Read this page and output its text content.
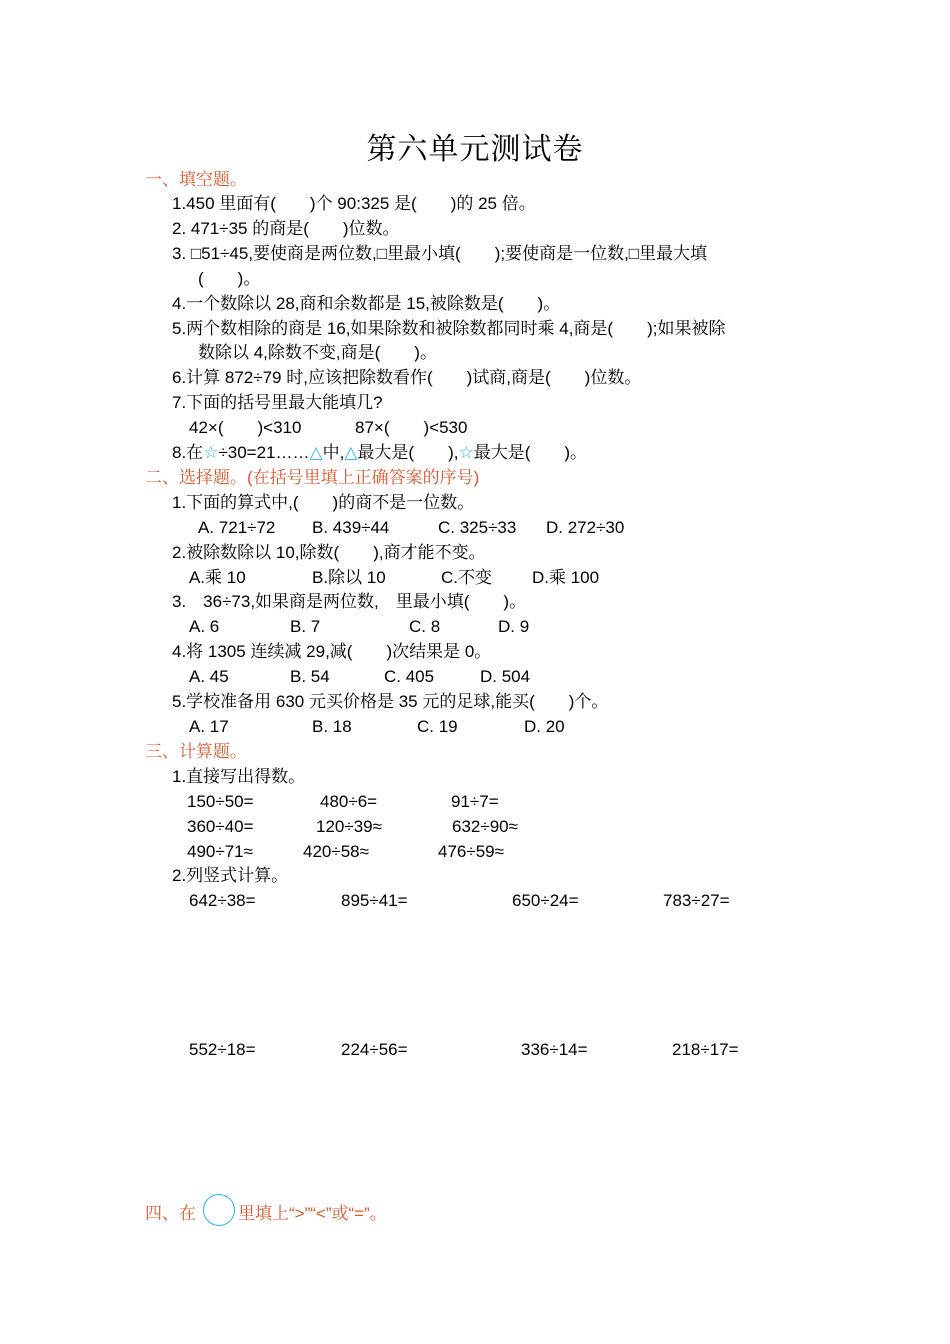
第六单元测试卷
一、填空题。
1.450 里面有(　　)个 90:325 是(　　)的 25 倍。
2. 471÷35 的商是(　　)位数。
3. □51÷45,要使商是两位数,□里最小填(　　);要使商是一位数,□里最大填
(　　)。
4.一个数除以 28,商和余数都是 15,被除数是(　　)。
5.两个数相除的商是 16,如果除数和被除数都同时乘 4,商是(　　);如果被除
数除以 4,除数不变,商是(　　)。
6.计算 872÷79 时,应该把除数看作(　　)试商,商是(　　)位数。
7.下面的括号里最大能填几?
42×(　　)<310	87×(　　)<530
8.在☆÷30=21……△中,△最大是(　　),☆最大是(　　)。
二、选择题。(在括号里填上正确答案的序号)
1.下面的算式中,(　　)的商不是一位数。
A. 721÷72 B. 439÷44	C. 325÷33 D. 272÷30
2.被除数除以 10,除数(　　),商才能不变。
A.乘 10	B.除以 10	C.不变 D.乘 100
3.　36÷73,如果商是两位数,　里最小填(　　)。
A. 6	B. 7	C. 8	D. 9
4.将 1305 连续减 29,减(　　)次结果是 0。
A. 45	B. 54	C. 405	D. 504
5.学校准备用 630 元买价格是 35 元的足球,能买(　　)个。
A. 17	B. 18	C. 19	D. 20
三、计算题。
1.直接写出得数。
150÷50=	480÷6=	91÷7=
360÷40=	120÷39≈	632÷90≈
490÷71≈	420÷58≈	476÷59≈
2.列竖式计算。
642÷38=	895÷41=	650÷24=	783÷27=
552÷18=	224÷56=	336÷14=	218÷17=
四、在 里填上“>”“<”或“=”。
